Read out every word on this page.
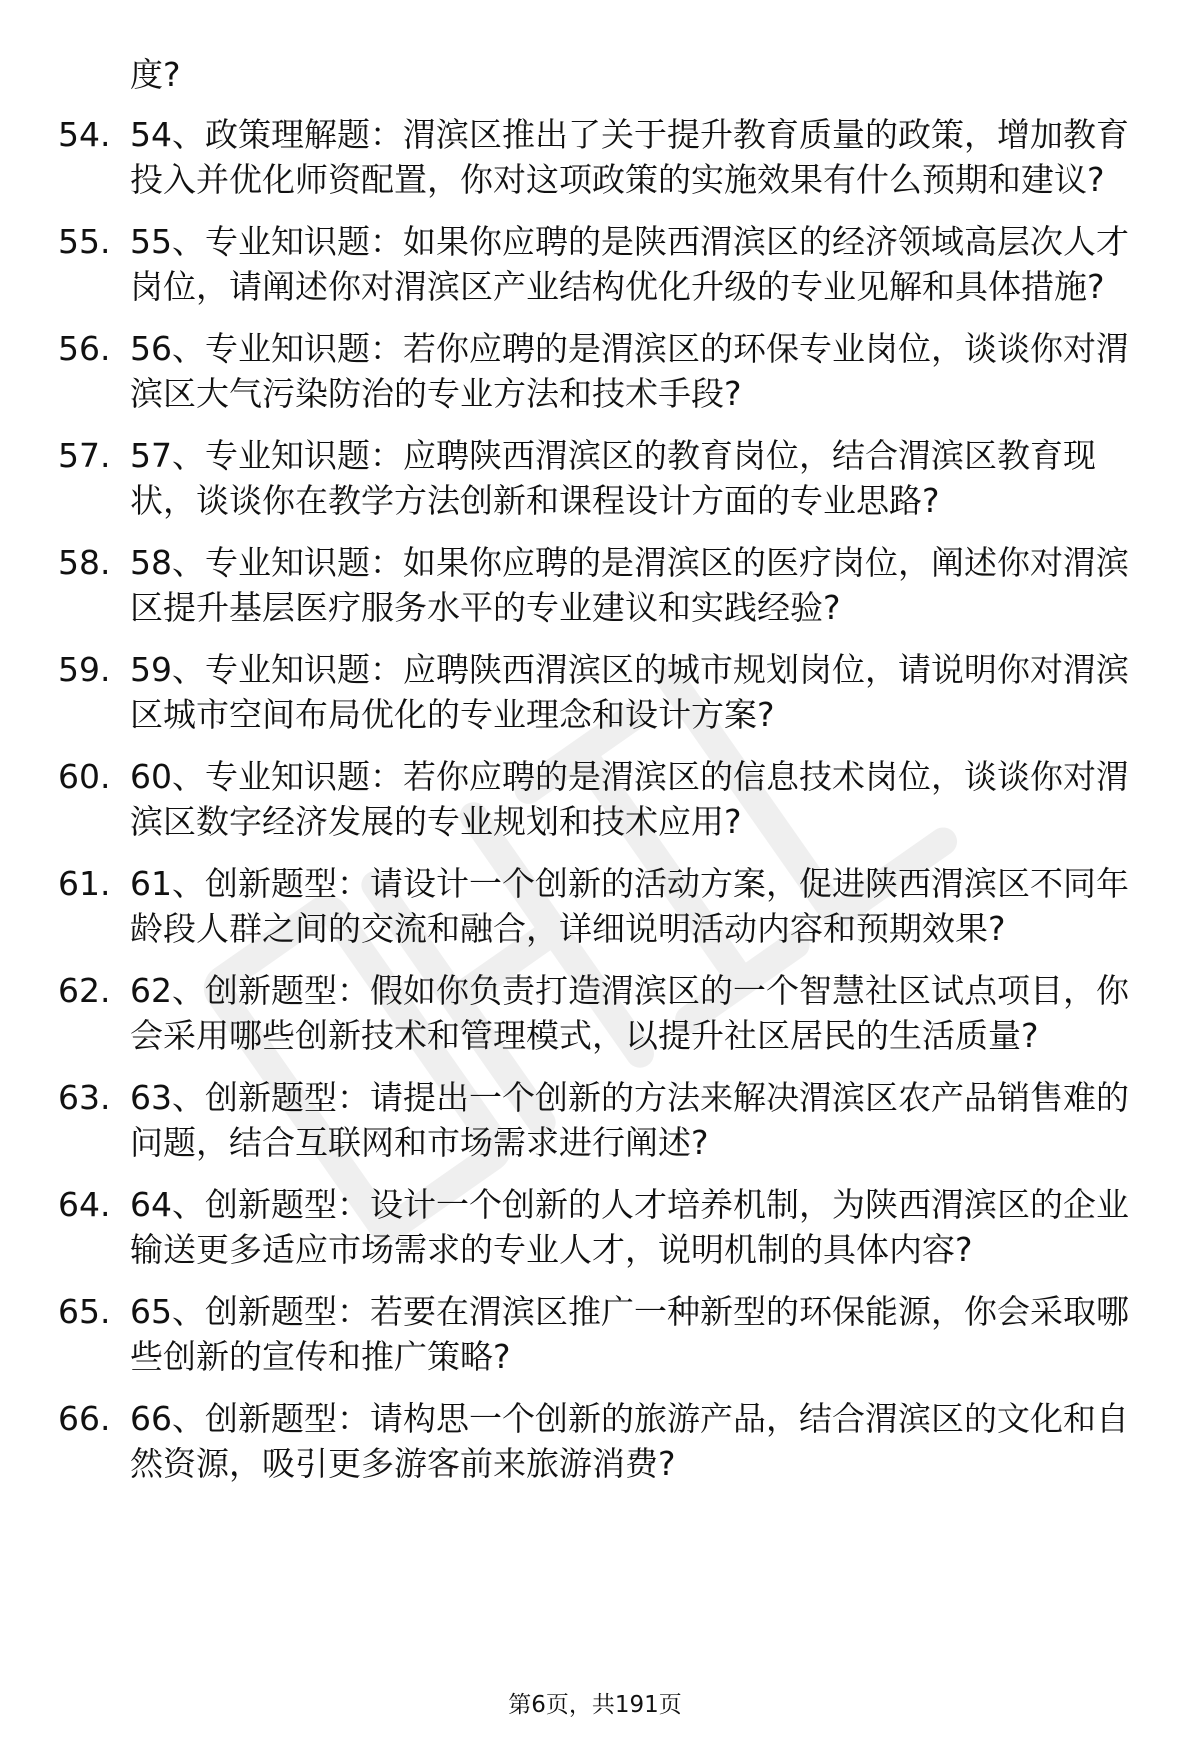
度?

54. 54、政策理解题：渭滨区推出了关于提升教育质量的政策，增加教育投入并优化师资配置，你对这项政策的实施效果有什么预期和建议?
55. 55、专业知识题：如果你应聘的是陕西渭滨区的经济领域高层次人才岗位，请阐述你对渭滨区产业结构优化升级的专业见解和具体措施?
56. 56、专业知识题：若你应聘的是渭滨区的环保专业岗位，谈谈你对渭滨区大气污染防治的专业方法和技术手段?
57. 57、专业知识题：应聘陕西渭滨区的教育岗位，结合渭滨区教育现状，谈谈你在教学方法创新和课程设计方面的专业思路?
58. 58、专业知识题：如果你应聘的是渭滨区的医疗岗位，阐述你对渭滨区提升基层医疗服务水平的专业建议和实践经验?
59. 59、专业知识题：应聘陕西渭滨区的城市规划岗位，请说明你对渭滨区城市空间布局优化的专业理念和设计方案?
60. 60、专业知识题：若你应聘的是渭滨区的信息技术岗位，谈谈你对渭滨区数字经济发展的专业规划和技术应用?
61. 61、创新题型：请设计一个创新的活动方案，促进陕西渭滨区不同年龄段人群之间的交流和融合，详细说明活动内容和预期效果?
62. 62、创新题型：假如你负责打造渭滨区的一个智慧社区试点项目，你会采用哪些创新技术和管理模式，以提升社区居民的生活质量?
63. 63、创新题型：请提出一个创新的方法来解决渭滨区农产品销售难的问题，结合互联网和市场需求进行阐述?
64. 64、创新题型：设计一个创新的人才培养机制，为陕西渭滨区的企业输送更多适应市场需求的专业人才，说明机制的具体内容?
65. 65、创新题型：若要在渭滨区推广一种新型的环保能源，你会采取哪些创新的宣传和推广策略?
66. 66、创新题型：请构思一个创新的旅游产品，结合渭滨区的文化和自然资源，吸引更多游客前来旅游消费?
第6页，共191页
